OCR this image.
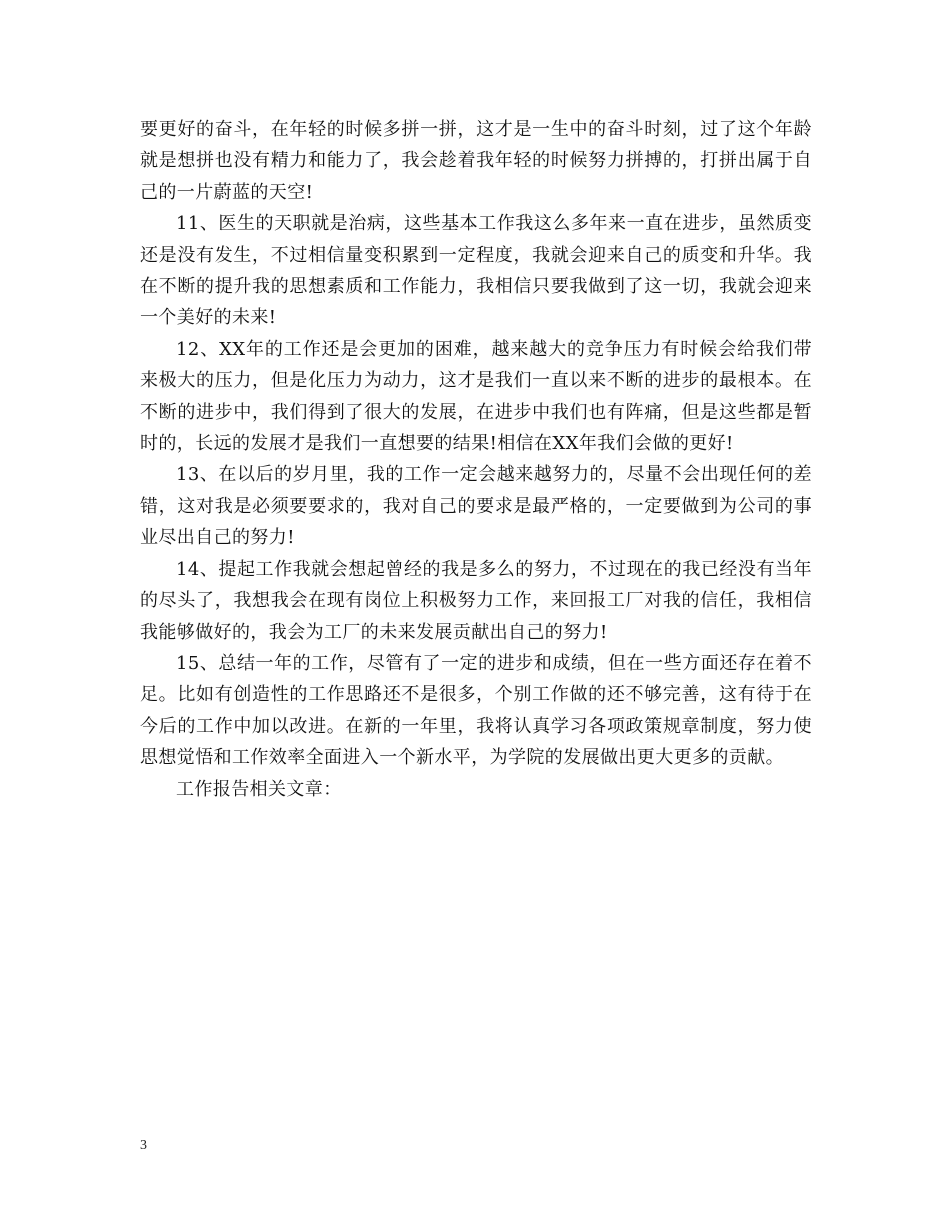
要更好的奋斗，在年轻的时候多拼一拼，这才是一生中的奋斗时刻，过了这个年龄就是想拼也没有精力和能力了，我会趁着我年轻的时候努力拼搏的，打拼出属于自己的一片蔚蓝的天空!

11、医生的天职就是治病，这些基本工作我这么多年来一直在进步，虽然质变还是没有发生，不过相信量变积累到一定程度，我就会迎来自己的质变和升华。我在不断的提升我的思想素质和工作能力，我相信只要我做到了这一切，我就会迎来一个美好的未来!

12、XX年的工作还是会更加的困难，越来越大的竞争压力有时候会给我们带来极大的压力，但是化压力为动力，这才是我们一直以来不断的进步的最根本。在不断的进步中，我们得到了很大的发展，在进步中我们也有阵痛，但是这些都是暂时的，长远的发展才是我们一直想要的结果!相信在XX年我们会做的更好!

13、在以后的岁月里，我的工作一定会越来越努力的，尽量不会出现任何的差错，这对我是必须要要求的，我对自己的要求是最严格的，一定要做到为公司的事业尽出自己的努力!

14、提起工作我就会想起曾经的我是多么的努力，不过现在的我已经没有当年的尽头了，我想我会在现有岗位上积极努力工作，来回报工厂对我的信任，我相信我能够做好的，我会为工厂的未来发展贡献出自己的努力!

15、总结一年的工作，尽管有了一定的进步和成绩，但在一些方面还存在着不足。比如有创造性的工作思路还不是很多，个别工作做的还不够完善，这有待于在今后的工作中加以改进。在新的一年里，我将认真学习各项政策规章制度，努力使思想觉悟和工作效率全面进入一个新水平，为学院的发展做出更大更多的贡献。

工作报告相关文章：

3
